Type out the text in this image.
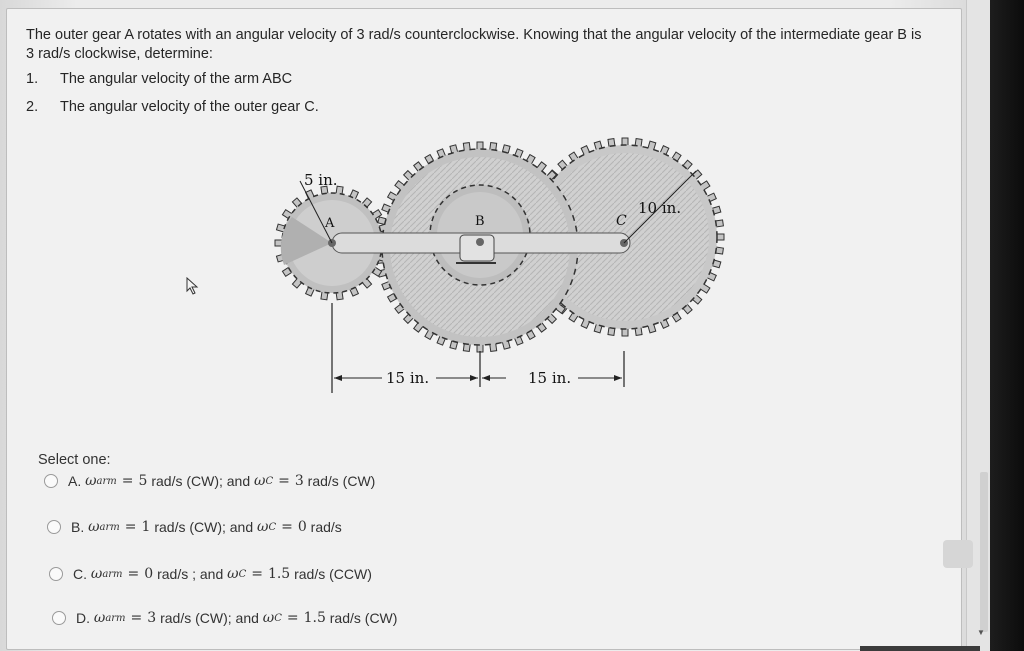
The outer gear A rotates with an angular velocity of 3 rad/s counterclockwise. Knowing that the angular velocity of the intermediate gear B is
3 rad/s clockwise, determine:
1.	The angular velocity of the arm ABC
2.	The angular velocity of the outer gear C.
5 in.
A	B	C
10 in.
15 in.	15 in.
Select one:
A.
ω arm = 5
rad/s (CW); and
ω C = 3
rad/s (CW)
B.
ω arm = 1
rad/s (CW); and
ω C = 0
rad/s
C.
ω arm = 0
rad/s ; and
ω C = 1.5
rad/s (CCW)
D.
ω arm = 3
rad/s (CW); and
ω C = 1.5
rad/s (CW)
▼
